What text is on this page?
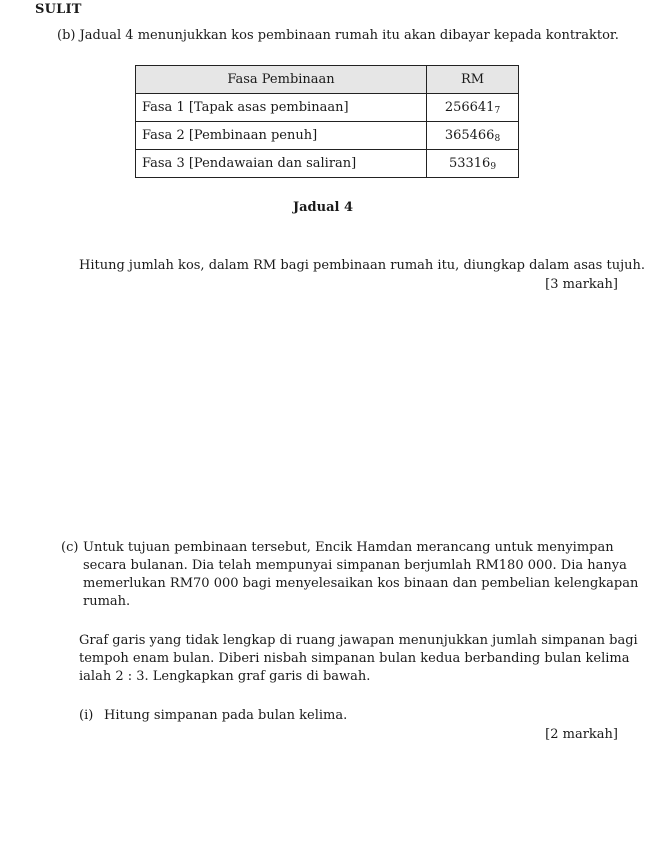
SULIT
(b) Jadual 4 menunjukkan kos pembinaan rumah itu akan dibayar kepada kontraktor.
Fasa Pembinaan	RM
Fasa 1 [Tapak asas pembinaan]	$256641_7$
Fasa 2 [Pembinaan penuh]	$365466_8$
Fasa 3 [Pendawaian dan saliran]	$53316_9$
Jadual 4
Hitung jumlah kos, dalam RM bagi pembinaan rumah itu, diungkap dalam asas tujuh.
[3 markah]
(c) Untuk tujuan pembinaan tersebut, Encik Hamdan merancang untuk menyimpan
secara bulanan. Dia telah mempunyai simpanan berjumlah RM180 000. Dia hanya
memerlukan RM70 000 bagi menyelesaikan kos binaan dan pembelian kelengkapan
rumah.
Graf garis yang tidak lengkap di ruang jawapan menunjukkan jumlah simpanan bagi
tempoh enam bulan. Diberi nisbah simpanan bulan kedua berbanding bulan kelima
ialah 2 : 3. Lengkapkan graf garis di bawah.
(i) Hitung simpanan pada bulan kelima.
[2 markah]
